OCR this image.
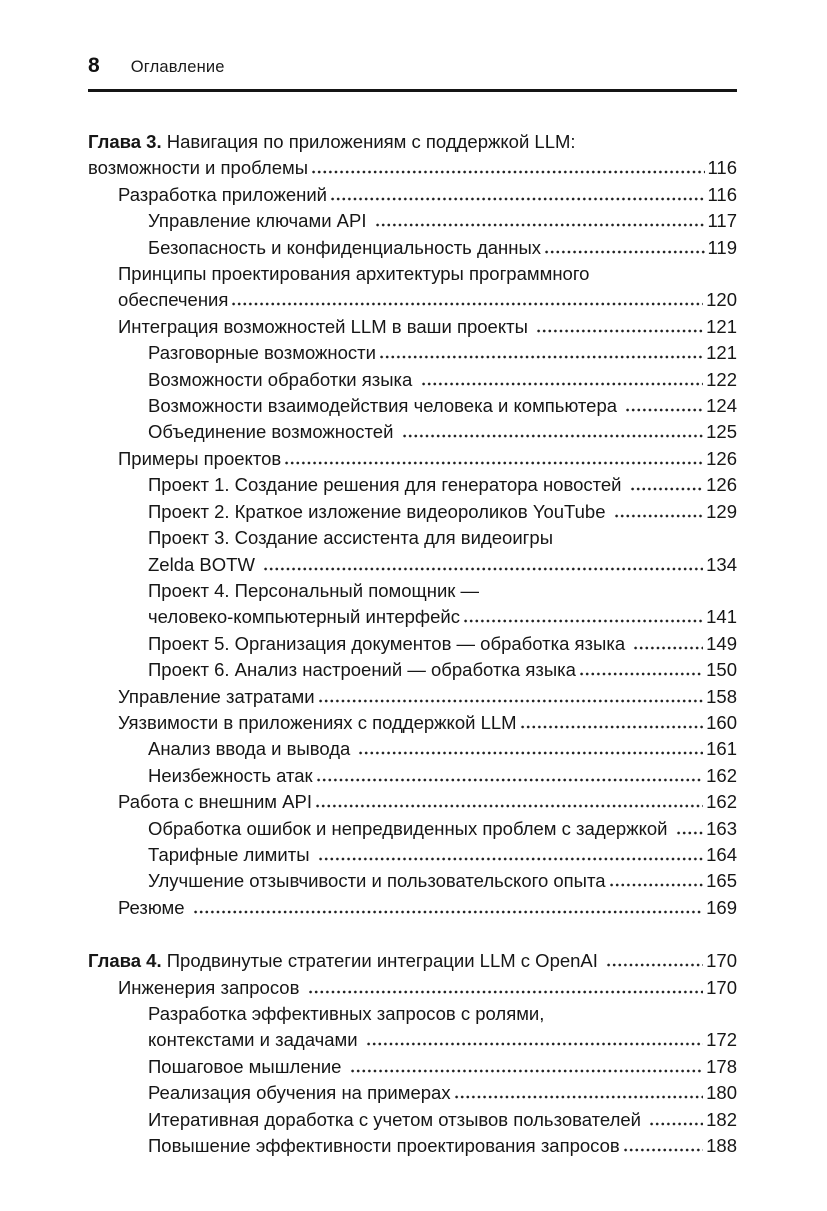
8 Оглавление
Глава 3. Навигация по приложениям с поддержкой LLM:
возможности и проблемы	116
Разработка приложений	116
Управление ключами API	117
Безопасность и конфиденциальность данных	119
Принципы проектирования архитектуры программного
обеспечения	120
Интеграция возможностей LLM в ваши проекты	121
Разговорные возможности	121
Возможности обработки языка	122
Возможности взаимодействия человека и компьютера	124
Объединение возможностей	125
Примеры проектов	126
Проект 1. Создание решения для генератора новостей	126
Проект 2. Краткое изложение видеороликов YouTube	129
Проект 3. Создание ассистента для видеоигры
Zelda BOTW	134
Проект 4. Персональный помощник —
человеко-компьютерный интерфейс	141
Проект 5. Организация документов — обработка языка	149
Проект 6. Анализ настроений — обработка языка	150
Управление затратами	158
Уязвимости в приложениях с поддержкой LLM	160
Анализ ввода и вывода	161
Неизбежность атак	162
Работа с внешним API	162
Обработка ошибок и непредвиденных проблем с задержкой 163
Тарифные лимиты	164
Улучшение отзывчивости и пользовательского опыта	165
Резюме	169
Глава 4. Продвинутые стратегии интеграции LLM с OpenAI	170
Инженерия запросов	170
Разработка эффективных запросов с ролями,
контекстами и задачами	172
Пошаговое мышление	178
Реализация обучения на примерах	180
Итеративная доработка с учетом отзывов пользователей	182
Повышение эффективности проектирования запросов	188
